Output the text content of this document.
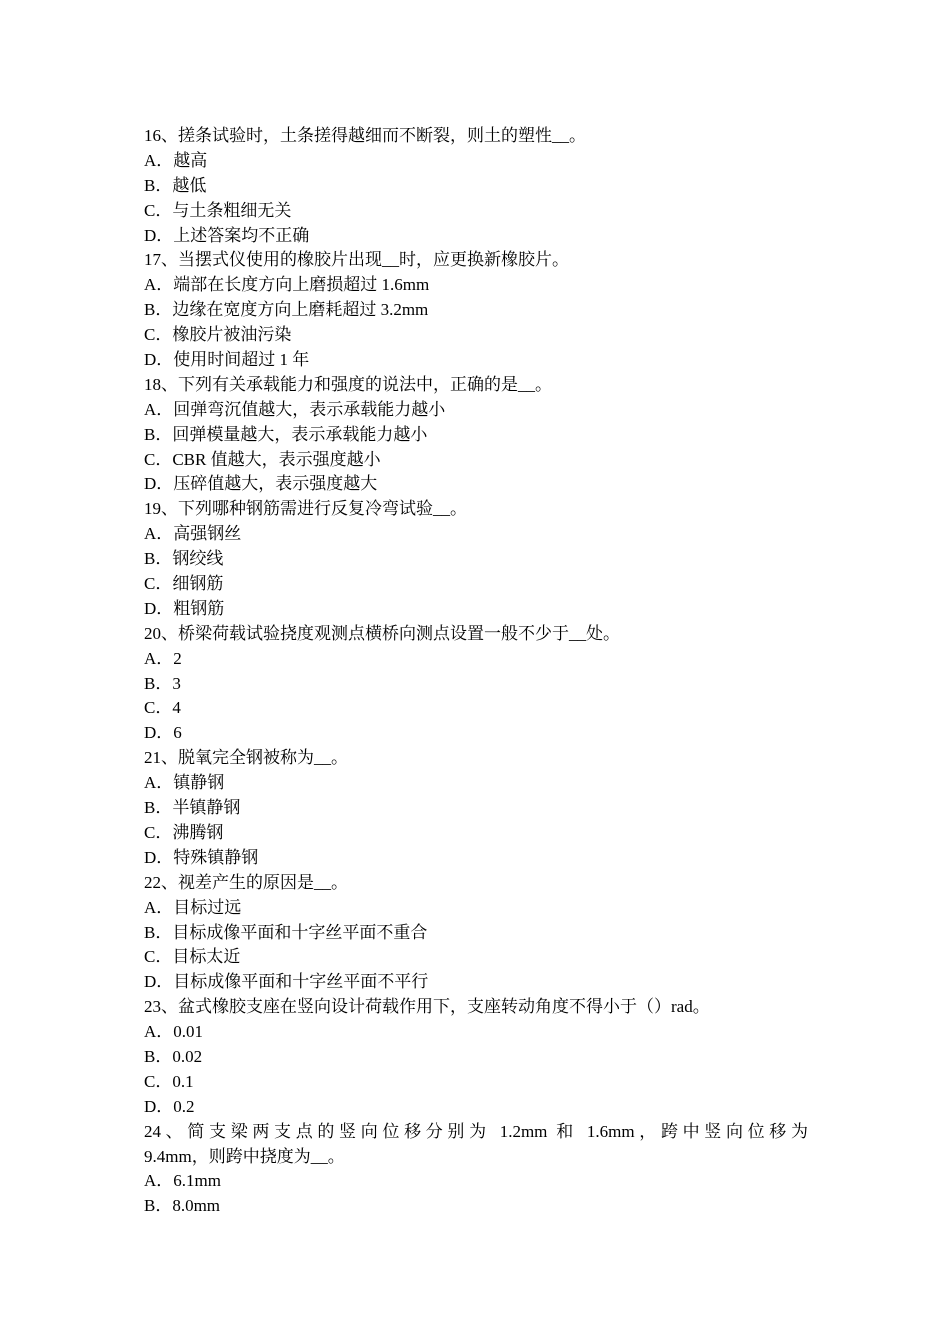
16、搓条试验时，土条搓得越细而不断裂，则土的塑性__。
A．越高
B．越低
C．与土条粗细无关
D．上述答案均不正确
17、当摆式仪使用的橡胶片出现__时，应更换新橡胶片。
A．端部在长度方向上磨损超过 1.6mm
B．边缘在宽度方向上磨耗超过 3.2mm
C．橡胶片被油污染
D．使用时间超过 1 年
18、下列有关承载能力和强度的说法中，正确的是__。
A．回弹弯沉值越大，表示承载能力越小
B．回弹模量越大，表示承载能力越小
C．CBR 值越大，表示强度越小
D．压碎值越大，表示强度越大
19、下列哪种钢筋需进行反复冷弯试验__。
A．高强钢丝
B．钢绞线
C．细钢筋
D．粗钢筋
20、桥梁荷载试验挠度观测点横桥向测点设置一般不少于__处。
A．2
B．3
C．4
D．6
21、脱氧完全钢被称为__。
A．镇静钢
B．半镇静钢
C．沸腾钢
D．特殊镇静钢
22、视差产生的原因是__。
A．目标过远
B．目标成像平面和十字丝平面不重合
C．目标太近
D．目标成像平面和十字丝平面不平行
23、盆式橡胶支座在竖向设计荷载作用下，支座转动角度不得小于（）rad。
A．0.01
B．0.02
C．0.1
D．0.2
24、简支梁两支点的竖向位移分别为 1.2mm 和 1.6mm，跨中竖向位移为
9.4mm，则跨中挠度为__。
A．6.1mm
B．8.0mm
